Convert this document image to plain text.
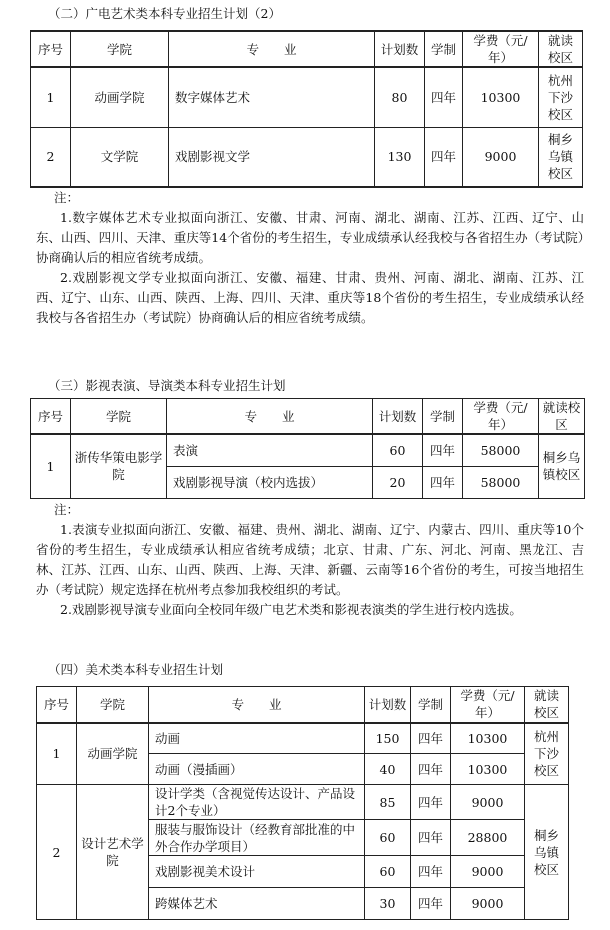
（二）广电艺术类本科专业招生计划（2）
序号	学院	专　　业	计划数	学制	学费（元/年）	就读校区
1	动画学院	数字媒体艺术	80	四年	10300	杭州下沙校区
2	文学院	戏剧影视文学	130	四年	9000	桐乡乌镇校区

注：

1.数字媒体艺术专业拟面向浙江、安徽、甘肃、河南、湖北、湖南、江苏、江西、辽宁、山东、山西、四川、天津、重庆等14个省份的考生招生，专业成绩承认经我校与各省招生办（考试院）协商确认后的相应省统考成绩。

2.戏剧影视文学专业拟面向浙江、安徽、福建、甘肃、贵州、河南、湖北、湖南、江苏、江西、辽宁、山东、山西、陕西、上海、四川、天津、重庆等18个省份的考生招生，专业成绩承认经我校与各省招生办（考试院）协商确认后的相应省统考成绩。

（三）影视表演、导演类本科专业招生计划
序号	学院	专　　业	计划数	学制	学费（元/年）	就读校区
1	浙传华策电影学院	表演	60	四年	58000	桐乡乌镇校区
		戏剧影视导演（校内选拔）	20	四年	58000	

注：

1.表演专业拟面向浙江、安徽、福建、贵州、湖北、湖南、辽宁、内蒙古、四川、重庆等10个省份的考生招生，专业成绩承认相应省统考成绩；北京、甘肃、广东、河北、河南、黑龙江、吉林、江苏、江西、山东、山西、陕西、上海、天津、新疆、云南等16个省份的考生，可按当地招生办（考试院）规定选择在杭州考点参加我校组织的考试。

2.戏剧影视导演专业面向全校同年级广电艺术类和影视表演类的学生进行校内选拔。

（四）美术类本科专业招生计划
序号	学院	专　　业	计划数	学制	学费（元/年）	就读校区
1	动画学院	动画	150	四年	10300	杭州下沙校区
		动画（漫插画）	40	四年	10300	
2	设计艺术学院	设计学类（含视觉传达设计、产品设计2个专业）	85	四年	9000	桐乡乌镇校区
		服装与服饰设计（经教育部批准的中外合作办学项目）	60	四年	28800	
		戏剧影视美术设计	60	四年	9000	
		跨媒体艺术	30	四年	9000	
